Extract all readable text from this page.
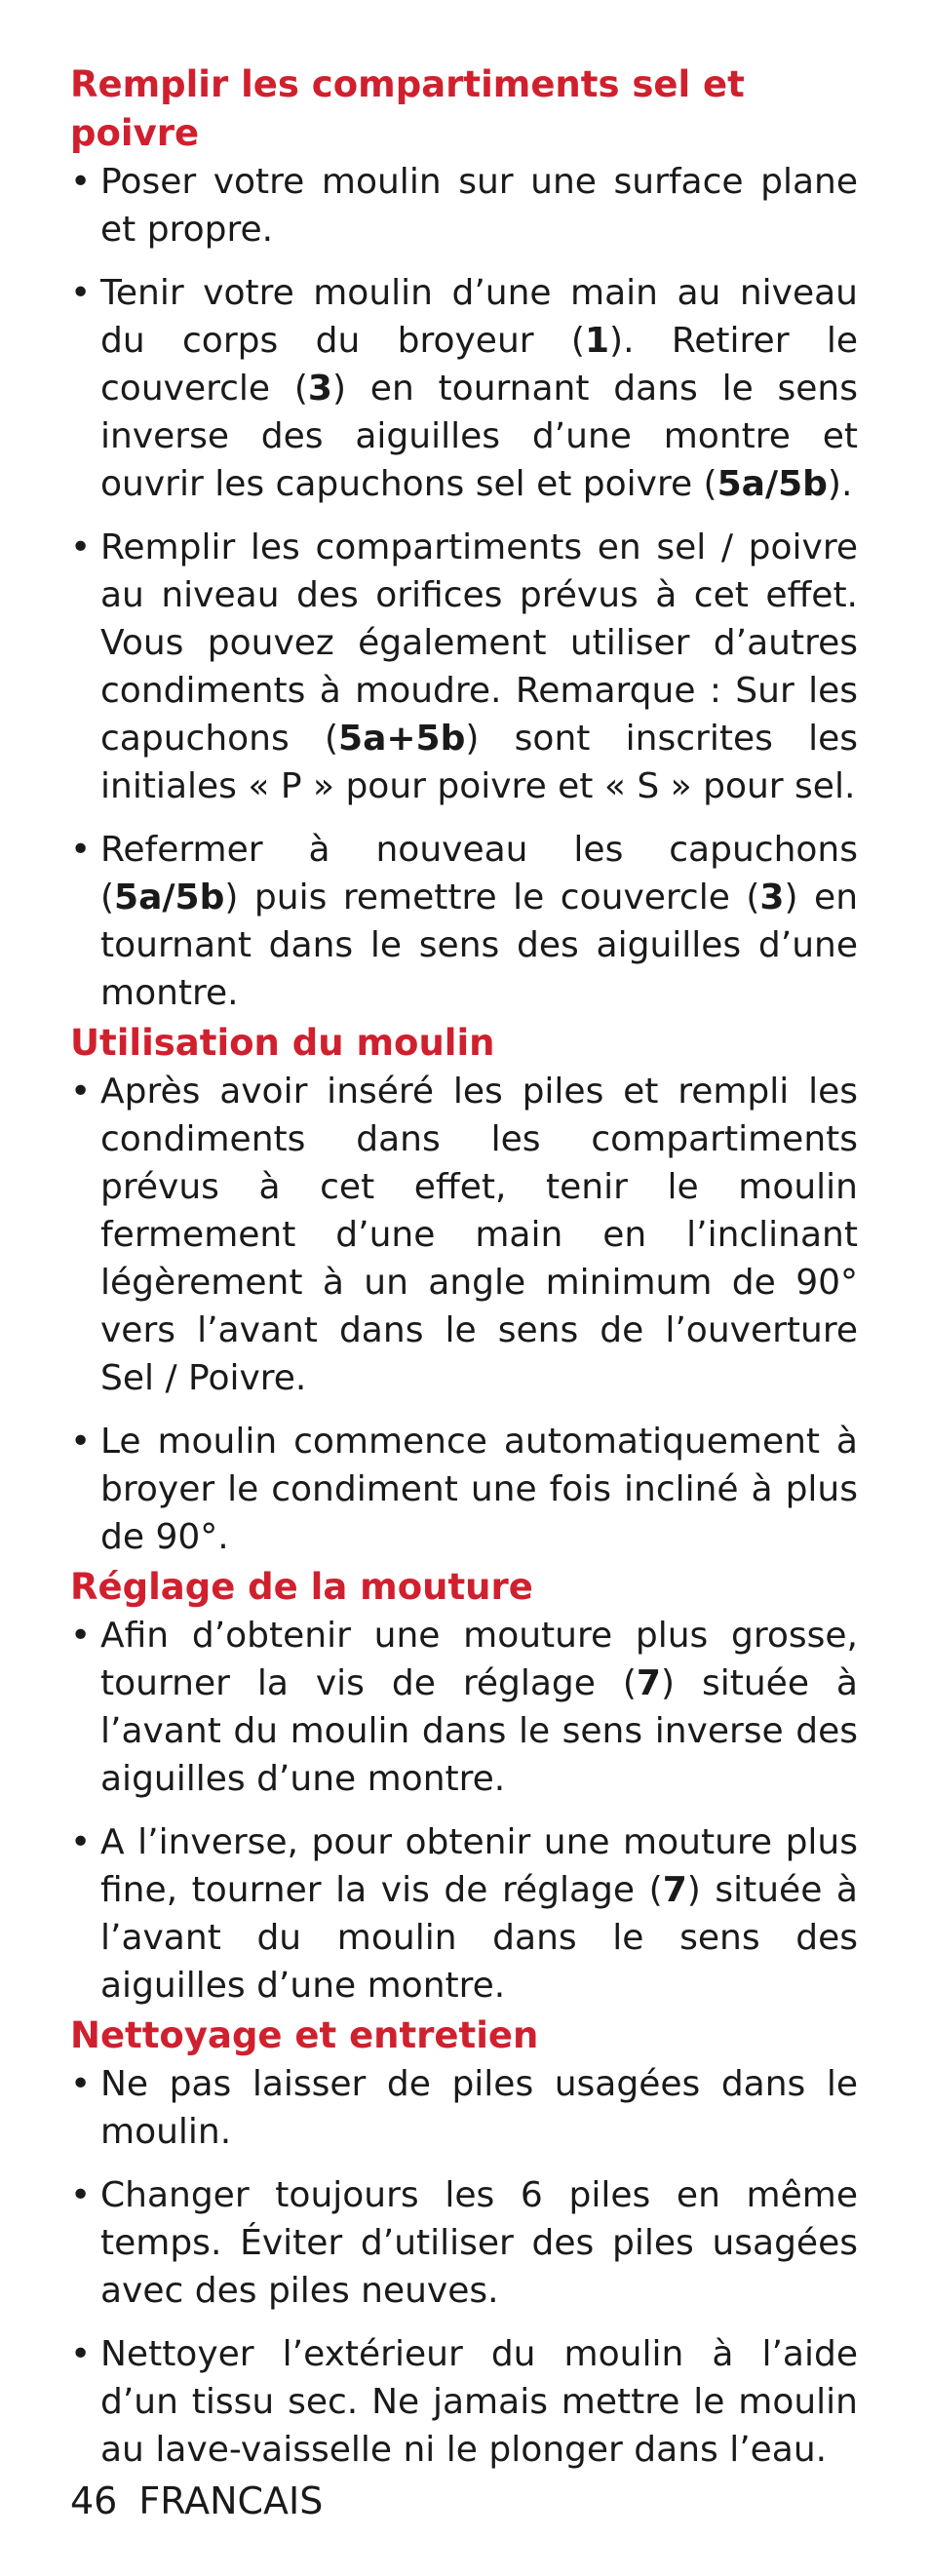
Remplir les compartiments sel et poivre
• Poser votre moulin sur une surface plane et propre.
• Tenir votre moulin d’une main au niveau du corps du broyeur (1). Retirer le couvercle (3) en tournant dans le sens inverse des aiguilles d’une montre et ouvrir les capuchons sel et poivre (5a/5b).
• Remplir les compartiments en sel / poivre au niveau des orifices prévus à cet effet. Vous pouvez également utiliser d’autres condiments à moudre. Remarque : Sur les capuchons (5a+5b) sont inscrites les initiales « P » pour poivre et « S » pour sel.
• Refermer à nouveau les capuchons (5a/5b) puis remettre le couvercle (3) en tournant dans le sens des aiguilles d’une montre.
Utilisation du moulin
• Après avoir inséré les piles et rempli les condiments dans les compartiments prévus à cet effet, tenir le moulin fermement d’une main en l’inclinant légèrement à un angle minimum de 90° vers l’avant dans le sens de l’ouverture Sel / Poivre.
• Le moulin commence automatiquement à broyer le condiment une fois incliné à plus de 90°.
Réglage de la mouture
• Afin d’obtenir une mouture plus grosse, tourner la vis de réglage (7) située à l’avant du moulin dans le sens inverse des aiguilles d’une montre.
• A l’inverse, pour obtenir une mouture plus fine, tourner la vis de réglage (7) située à l’avant du moulin dans le sens des aiguilles d’une montre.
Nettoyage et entretien
• Ne pas laisser de piles usagées dans le moulin.
• Changer toujours les 6 piles en même temps. Éviter d’utiliser des piles usagées avec des piles neuves.
• Nettoyer l’extérieur du moulin à l’aide d’un tissu sec. Ne jamais mettre le moulin au lave-vaisselle ni le plonger dans l’eau.
46 FRANCAIS
